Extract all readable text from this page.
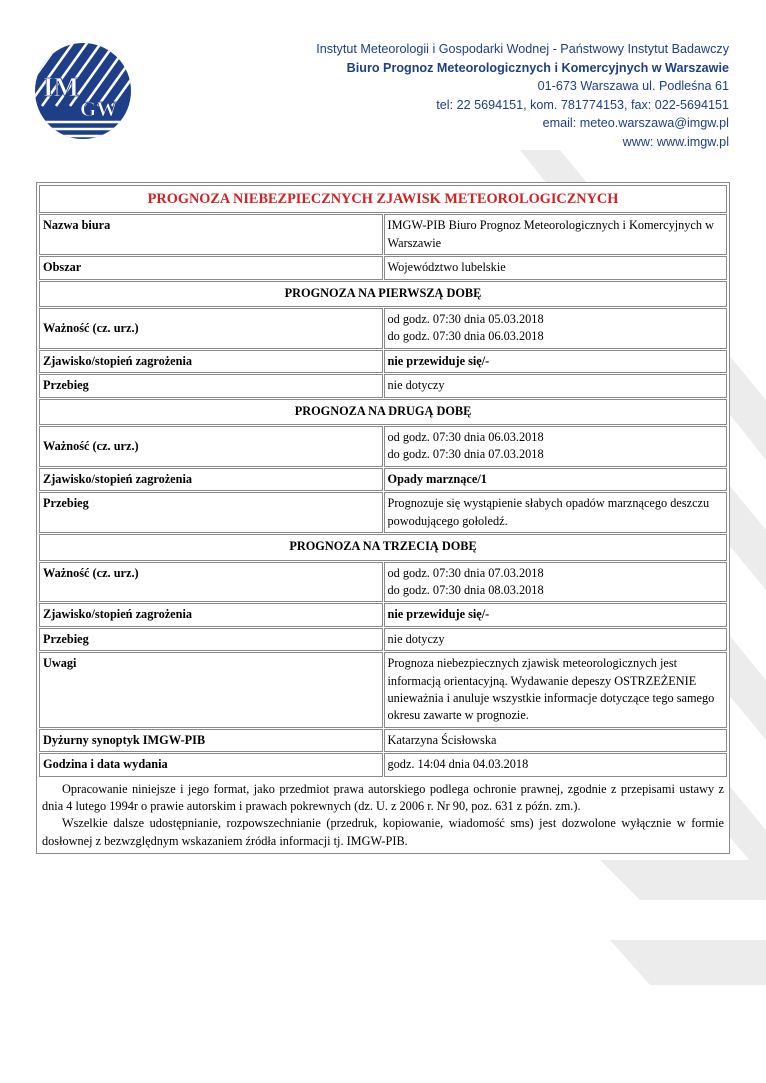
IM
GW
Instytut Meteorologii i Gospodarki Wodnej - Państwowy Instytut Badawczy
Biuro Prognoz Meteorologicznych i Komercyjnych w Warszawie
01-673 Warszawa ul. Podleśna 61
tel: 22 5694151, kom. 781774153, fax: 022-5694151
email: meteo.warszawa@imgw.pl
www: www.imgw.pl
PROGNOZA NIEBEZPIECZNYCH ZJAWISK METEOROLOGICZNYCH	
Nazwa biura	IMGW-PIB Biuro Prognoz Meteorologicznych i Komercyjnych w Warszawie
Obszar	Województwo lubelskie
PROGNOZA NA PIERWSZĄ DOBĘ	
Ważność (cz. urz.)	od godz. 07:30 dnia 05.03.2018
do godz. 07:30 dnia 06.03.2018

Zjawisko/stopień zagrożenia	nie przewiduje się/-
Przebieg	nie dotyczy
PROGNOZA NA DRUGĄ DOBĘ	
Ważność (cz. urz.)	od godz. 07:30 dnia 06.03.2018
do godz. 07:30 dnia 07.03.2018

Zjawisko/stopień zagrożenia	Opady marznące/1
Przebieg	Prognozuje się wystąpienie słabych opadów marznącego deszczu powodującego gołoledź.
PROGNOZA NA TRZECIĄ DOBĘ	
Ważność (cz. urz.)	od godz. 07:30 dnia 07.03.2018
do godz. 07:30 dnia 08.03.2018

Zjawisko/stopień zagrożenia	nie przewiduje się/-
Przebieg	nie dotyczy
Uwagi	Prognoza niebezpiecznych zjawisk meteorologicznych jest informacją orientacyjną. Wydawanie depeszy OSTRZEŻENIE unieważnia i anuluje wszystkie informacje dotyczące tego samego okresu zawarte w prognozie.
Dyżurny synoptyk IMGW-PIB	Katarzyna Ścisłowska
Godzina i data wydania	godz. 14:04 dnia 04.03.2018

Opracowanie niniejsze i jego format, jako przedmiot prawa autorskiego podlega ochronie prawnej, zgodnie z przepisami ustawy z dnia 4 lutego 1994r o prawie autorskim i prawach pokrewnych (dz. U. z 2006 r. Nr 90, poz. 631 z późn. zm.).

Wszelkie dalsze udostępnianie, rozpowszechnianie (przedruk, kopiowanie, wiadomość sms) jest dozwolone wyłącznie w formie dosłownej z bezwzględnym wskazaniem źródła informacji tj. IMGW-PIB.
